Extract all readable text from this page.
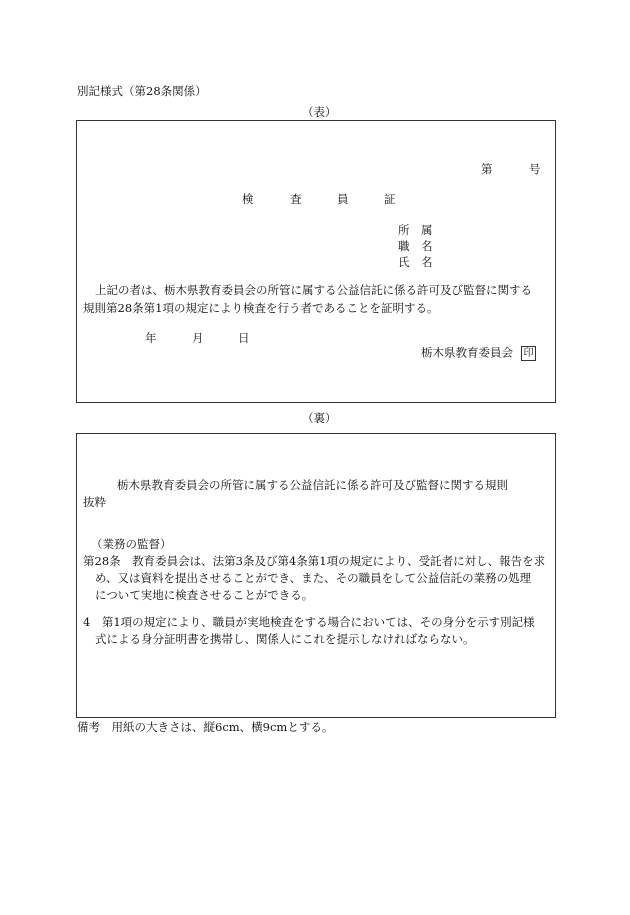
別記様式（第28条関係）
（表）
第	号
検	査	員	証
所 属
職 名
氏 名
上記の者は、栃木県教育委員会の所管に属する公益信託に係る許可及び監督に関する
規則第28条第1項の規定により検査を行う者であることを証明する。
年	月	日
栃木県教育委員会 印
（裏）
栃木県教育委員会の所管に属する公益信託に係る許可及び監督に関する規則
抜粋
（業務の監督）
第28条　教育委員会は、法第3条及び第4条第1項の規定により、受託者に対し、報告を求
め、又は資料を提出させることができ、また、その職員をして公益信託の業務の処理
について実地に検査させることができる。
4　第1項の規定により、職員が実地検査をする場合においては、その身分を示す別記様
式による身分証明書を携帯し、関係人にこれを提示しなければならない。
備考　用紙の大きさは、縦6cm、横9cmとする。
